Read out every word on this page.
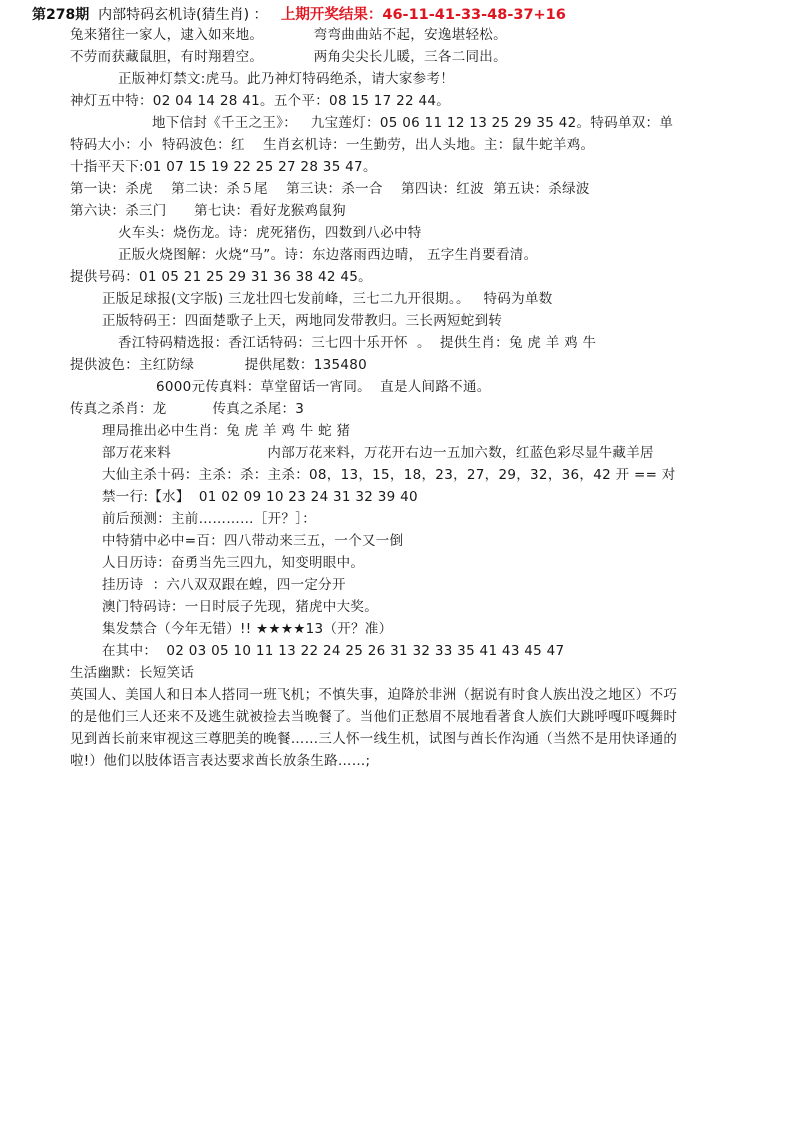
第278期 内部特码玄机诗(猜生肖) ： 上期开奖结果：46-11-41-33-48-37+16
兔来猪往一家人，逮入如来地。           弯弯曲曲站不起，安逸堪轻松。
不劳而获藏鼠胆，有时翔碧空。           两角尖尖长儿暖，三各二同出。
正版神灯禁文:虎马。此乃神灯特码绝杀，请大家参考！
神灯五中特：02 04 14 28 41。五个平：08 15 17 22 44。
地下信封《千王之王》：   九宝莲灯：05 06 11 12 13 25 29 35 42。特码单双：单
特码大小：小  特码波色：红    生肖玄机诗：一生勤劳，出人头地。主：鼠牛蛇羊鸡。
十指平天下:01 07 15 19 22 25 27 28 35 47。
第一诀：杀虎    第二诀：杀５尾    第三诀：杀一合    第四诀：红波  第五诀：杀绿波
第六诀：杀三门      第七诀：看好龙猴鸡鼠狗
火车头：烧伤龙。诗：虎死猪伤，四数到八必中特
正版火烧图解：火烧“马”。诗：东边落雨西边晴， 五字生肖要看清。
提供号码：01 05 21 25 29 31 36 38 42 45。
正版足球报(文字版) 三龙壮四七发前峰，三七二九开很期。。   特码为单数
正版特码王：四面楚歌子上天，两地同发带教归。三长两短蛇到转
香江特码精选报：香江话特码：三七四十乐开怀  。  提供生肖：兔 虎 羊 鸡 牛
提供波色：主红防绿           提供尾数：135480
6000元传真料：草堂留话一宵同。  直是人间路不通。
传真之杀肖：龙          传真之杀尾：3
理局推出必中生肖：兔 虎 羊 鸡 牛 蛇 猪
部万花来料                     内部万花来料，万花开右边一五加六数，红蓝色彩尽显牛藏羊居
大仙主杀十码：主杀：杀：主杀：08，13，15，18，23，27，29，32，36，42 开 == 对
禁一行:【水】  01 02 09 10 23 24 31 32 39 40
前后预测：主前…………［开？］：
中特猜中必中=百：四八带动来三五，一个又一倒
人日历诗：奋勇当先三四九，知变明眼中。
挂历诗  ：六八双双跟在蝗，四一定分开
澳门特码诗：一日时辰子先现，猪虎中大奖。
集发禁合（今年无错）!! ★★★★13（开？准）
在其中：  02 03 05 10 11 13 22 24 25 26 31 32 33 35 41 43 45 47
生活幽默：长短笑话
英国人、美国人和日本人搭同一班飞机；不慎失事，迫降於非洲（据说有时食人族出没之地区）不巧
的是他们三人还来不及逃生就被捡去当晚餐了。当他们正愁眉不展地看著食人族们大跳呼嘎吓嘎舞时
见到酋长前来审视这三尊肥美的晚餐……三人怀一线生机，试图与酋长作沟通（当然不是用快译通的
啦!）他们以肢体语言表达要求酋长放条生路……;
